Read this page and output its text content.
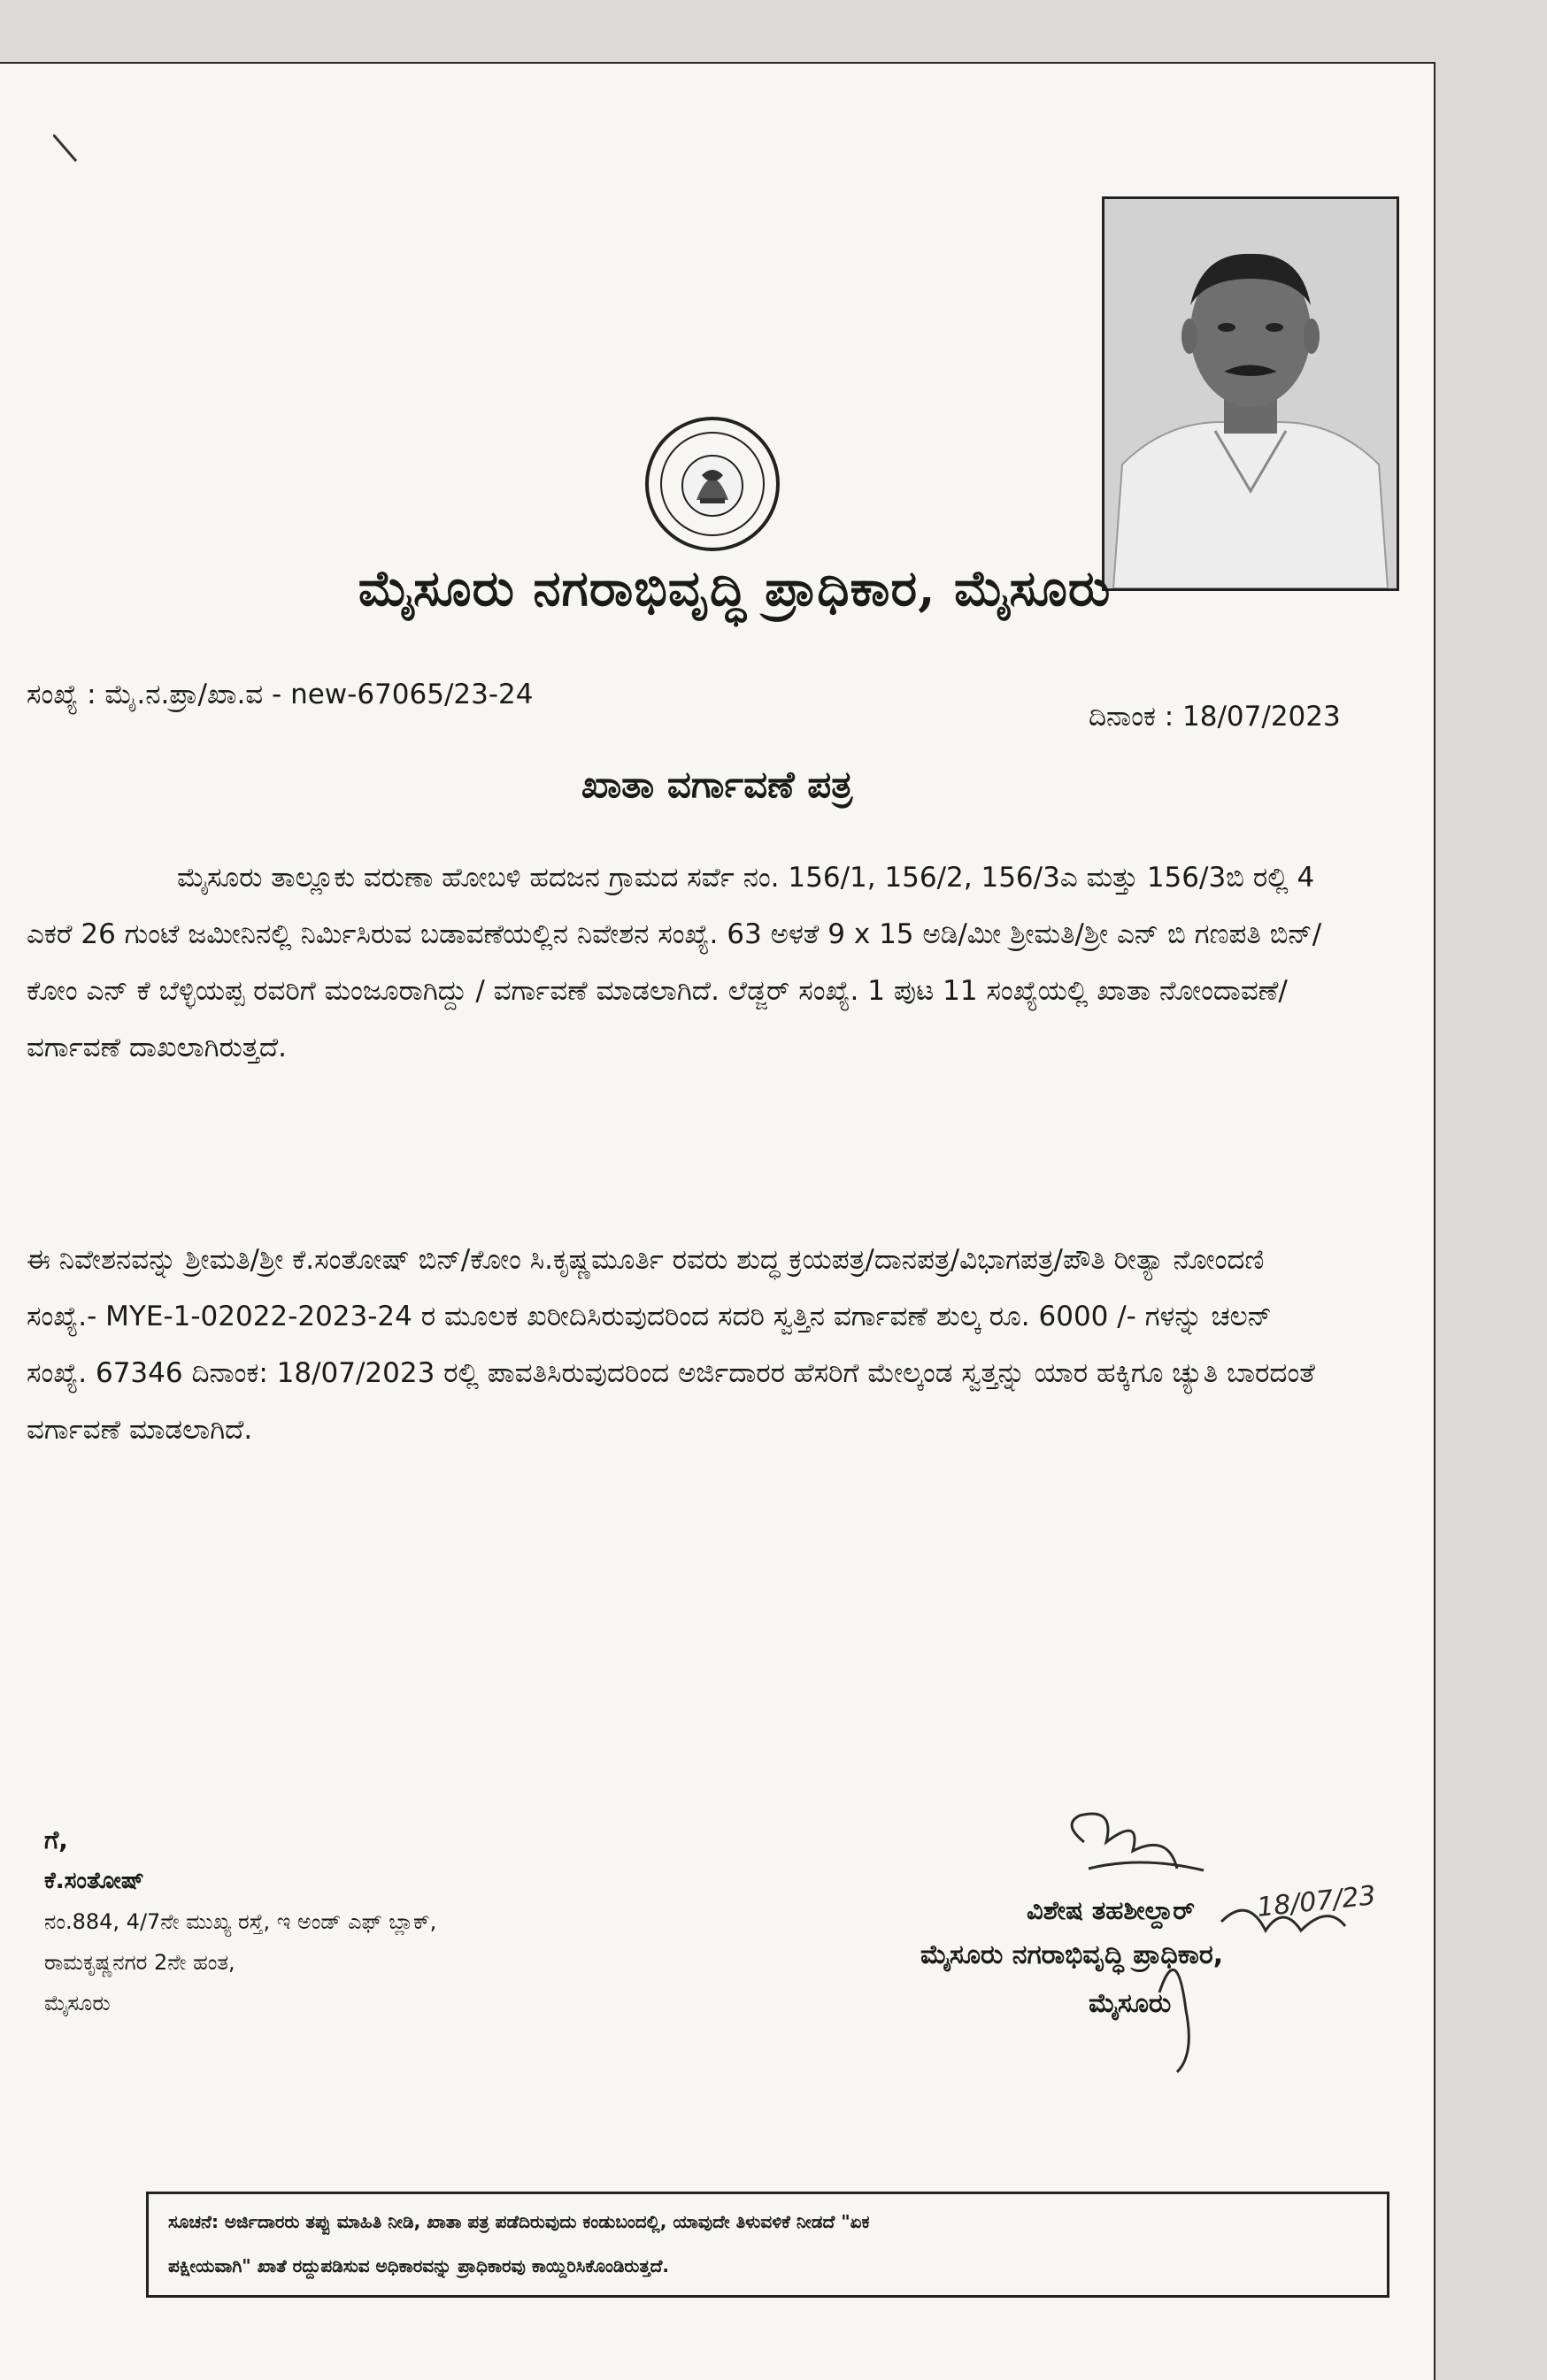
ಮೈಸೂರು ನಗರಾಭಿವೃದ್ಧಿ ಪ್ರಾಧಿಕಾರ, ಮೈಸೂರು
ಸಂಖ್ಯೆ : ಮೈ.ನ.ಪ್ರಾ/ಖಾ.ವ - new-67065/23-24
ದಿನಾಂಕ : 18/07/2023
ಖಾತಾ ವರ್ಗಾವಣೆ ಪತ್ರ

ಮೈಸೂರು ತಾಲ್ಲೂಕು ವರುಣಾ ಹೋಬಳಿ ಹದಜನ ಗ್ರಾಮದ ಸರ್ವೆ ನಂ. 156/1, 156/2, 156/3ಎ ಮತ್ತು 156/3ಬಿ ರಲ್ಲಿ 4 ಎಕರೆ 26 ಗುಂಟೆ ಜಮೀನಿನಲ್ಲಿ ನಿರ್ಮಿಸಿರುವ ಬಡಾವಣೆಯಲ್ಲಿನ ನಿವೇಶನ ಸಂಖ್ಯೆ. 63 ಅಳತೆ 9 x 15 ಅಡಿ/ಮೀ ಶ್ರೀಮತಿ/ಶ್ರೀ ಎನ್ ಬಿ ಗಣಪತಿ ಬಿನ್/ಕೋಂ ಎನ್ ಕೆ ಬೆಳ್ಳಿಯಪ್ಪ ರವರಿಗೆ ಮಂಜೂರಾಗಿದ್ದು / ವರ್ಗಾವಣೆ ಮಾಡಲಾಗಿದೆ. ಲೆಡ್ಜರ್ ಸಂಖ್ಯೆ. 1 ಪುಟ 11 ಸಂಖ್ಯೆಯಲ್ಲಿ ಖಾತಾ ನೋಂದಾವಣೆ/ ವರ್ಗಾವಣೆ ದಾಖಲಾಗಿರುತ್ತದೆ.

ಈ ನಿವೇಶನವನ್ನು ಶ್ರೀಮತಿ/ಶ್ರೀ ಕೆ.ಸಂತೋಷ್ ಬಿನ್/ಕೋಂ ಸಿ.ಕೃಷ್ಣಮೂರ್ತಿ ರವರು ಶುದ್ಧ ಕ್ರಯಪತ್ರ/ದಾನಪತ್ರ/ವಿಭಾಗಪತ್ರ/ಪೌತಿ ರೀತ್ಯಾ ನೋಂದಣಿ ಸಂಖ್ಯೆ.- MYE-1-02022-2023-24 ರ ಮೂಲಕ ಖರೀದಿಸಿರುವುದರಿಂದ ಸದರಿ ಸ್ವತ್ತಿನ ವರ್ಗಾವಣೆ ಶುಲ್ಕ ರೂ. 6000 /- ಗಳನ್ನು ಚಲನ್ ಸಂಖ್ಯೆ. 67346 ದಿನಾಂಕ: 18/07/2023 ರಲ್ಲಿ ಪಾವತಿಸಿರುವುದರಿಂದ ಅರ್ಜಿದಾರರ ಹೆಸರಿಗೆ ಮೇಲ್ಕಂಡ ಸ್ವತ್ತನ್ನು ಯಾರ ಹಕ್ಕಿಗೂ ಚ್ಯುತಿ ಬಾರದಂತೆ ವರ್ಗಾವಣೆ ಮಾಡಲಾಗಿದೆ.

ಗೆ,
ಕೆ.ಸಂತೋಷ್
ನಂ.884, 4/7ನೇ ಮುಖ್ಯ ರಸ್ತೆ, ಇ ಅಂಡ್ ಎಫ್ ಬ್ಲಾಕ್,
ರಾಮಕೃಷ್ಣನಗರ 2ನೇ ಹಂತ,
ಮೈಸೂರು
ವಿಶೇಷ ತಹಶೀಲ್ದಾರ್
ಮೈಸೂರು ನಗರಾಭಿವೃದ್ಧಿ ಪ್ರಾಧಿಕಾರ,
ಮೈಸೂರು
18/07/23
ಸೂಚನೆ: ಅರ್ಜಿದಾರರು ತಪ್ಪು ಮಾಹಿತಿ ನೀಡಿ, ಖಾತಾ ಪತ್ರ ಪಡೆದಿರುವುದು ಕಂಡುಬಂದಲ್ಲಿ, ಯಾವುದೇ ತಿಳುವಳಿಕೆ ನೀಡದೆ "ಏಕ
ಪಕ್ಷೀಯವಾಗಿ" ಖಾತೆ ರದ್ದುಪಡಿಸುವ ಅಧಿಕಾರವನ್ನು ಪ್ರಾಧಿಕಾರವು ಕಾಯ್ದಿರಿಸಿಕೊಂಡಿರುತ್ತದೆ.
